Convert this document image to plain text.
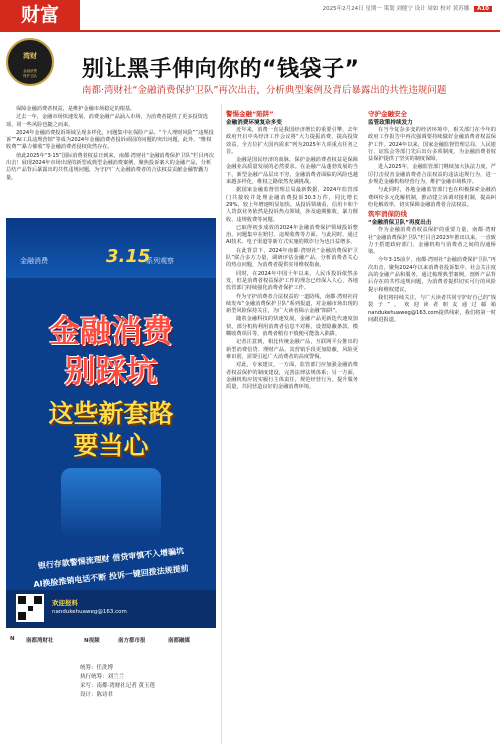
财富	2025年2月24日 星期一 策划 刘健宁 设计 周如 校对 黄苏娜 A10
湾财
金融消费
保护卫队	别让黑手伸向你的“钱袋子”
南都·湾财社“金融消费保护卫队”再次出击，分析典型案例及背后暴露出的共性违规问题

保障金融消费者权益，是维护金融市场稳定的根基。

过去一年，金融市场快速发展，消费金融产品涌入市场，为消费者提供了更多投资选项，同一些风险也随之而来。

2024年金融消费投诉领域呈现多样化，问题集中在保险产品、“个人理财风险”“违规投诉”“AI工具违规营销”等成为2024年金融消费者投诉顽固的问题的突出问题，此外，“维权收费”“暴力催收”等金融消费者侵权依然存在。

值此2025年“3·15”国际消费者权益日到来，南都·湾财社“金融消费保护卫队”栏目再次出击！展现2024年市场出现的新型或典型金融消费案例，聚焦投诉案大的金融产品，分析总结产品背后暴露出的共性违规问题，为守护广大金融消费者的合法权益贡献金融智囊力量。

金融消费	3.15
系列观察
金融消费
别踩坑
这些新套路
要当心
银行存款警惕流理财 借贷审慎不入增骗坑
AI换脸推销电话不断 投诉一键回拨法规提前
欢迎报料
nandukehuaweg@163.com
N 南都湾财社	N视频	南方都市报	南都融媒
统筹：任洗博
执行统筹：刘兰兰
采写：南都·湾财社记者 黄玉莲
设计：陈诗君
警惕金融“陷阱”
金融消费环境复杂多变

近年来，消费一直是我国经济增长的重要引擎，去年政府开启中央经济工作会议将“大力提振消费、提高投资效益，全方位扩大国内需求”列为2025年九项重点任务之首。

金融是国民经济的血脉，保护金融消费者权益是保障金融业高质量发展的必然要求。在金融产品蓬勃发展的当下，新型金融产品层出不穷，金融消费者面临的风险也越来越多样化，维权之路依然充满挑战。

据国家金融监督管理总局最新数据，2024年监管部门共接收并处理金融消费投诉30.3万件，同比增长29%，较上年增速明显加快。从投诉领域看，信用卡和个人贷款业务依然是投诉热点领域，涉及逾期催收、暴力催收、违规收费等问题。

已取得初步成效的2024年金融消费保护领域投诉整治，问题集中在赔付、违规收费等方面。与此同时，通过AI技术、电子渠道等新方式实施的欺诈行为也日益增多。

在此背景下，2024年南都·湾财社“金融消费保护卫队”联合多方力量，调研评估金融产品，分析消费者关心的热点问题，为消费者提供实用维权指南。

同时，在2024年中国十年以来，人民币投诉依然多发，但是消费者权益保护工作的理念已经深入人心，各地监管部门持续强化消费者保护工作。

作为守护消费者合法权益的一道防线，南都·湾财社持续发布“金融消费保护卫队”系列报道，对金融市场出现的新型风险保持关注，为广大读者揭示金融“陷阱”。

随着金融科技的快速发展，金融产品更新迭代速度加快，部分机构利用消费者信息不对称，设置隐蔽条款、模糊收费项目等，消费者稍有不慎便可能落入陷阱。

记者注意到，相比传统金融产品，互联网平台推出的新型消费信贷、理财产品，其营销手段更加隐蔽，风险更难识别，需要引起广大消费者的高度警惕。

对此，专家建议，一方面，监管部门应加强金融消费者权益保护的制度建设，完善法律法规体系；另一方面，金融机构应切实履行主体责任，规范经营行为，提升服务质量，共同营造良好的金融消费环境。

守护金融安全
监管政策持续发力

在当今复杂多变的经济环境中，相关部门在今年的政府工作报告中再次强调要持续做好金融消费者权益保护工作。2024年以来，国家金融监督管理总局、人民银行、证监会等部门先后出台多项制度，为金融消费者权益保护提供了坚实的制度保障。

进入2025年，金融监管部门继续加大执法力度，严厉打击侵害金融消费者合法权益的违法违规行为，进一步规范金融机构经营行为，维护金融市场秩序。

与此同时，各地金融监管部门也在积极探索金融消费纠纷多元化解机制，推动建立诉调对接机制，提高纠纷化解效率，切实保障金融消费者合法权益。

筑牢消保防线
“金融消保卫队”再度出击

作为金融消费者权益保护的重要力量，南都·湾财社“金融消费保护卫队”栏目自2023年推出以来，一直致力于搭建政府部门、金融机构与消费者之间的沟通桥梁。

今年3·15前夕，南都·湾财社“金融消费保护卫队”再次出击，聚焦2024年以来消费者投诉集中、社会关注度高的金融产品和服务，通过梳理典型案例，剖析产品背后存在的共性违规问题，为消费者提供切实可行的风险提示和维权建议。

我们将持续关注，与广大读者共同守护好自己的“钱袋子”。欢迎读者朋友通过邮箱nandukehuaweg@163.com提供线索，我们将第一时间跟进报道。
